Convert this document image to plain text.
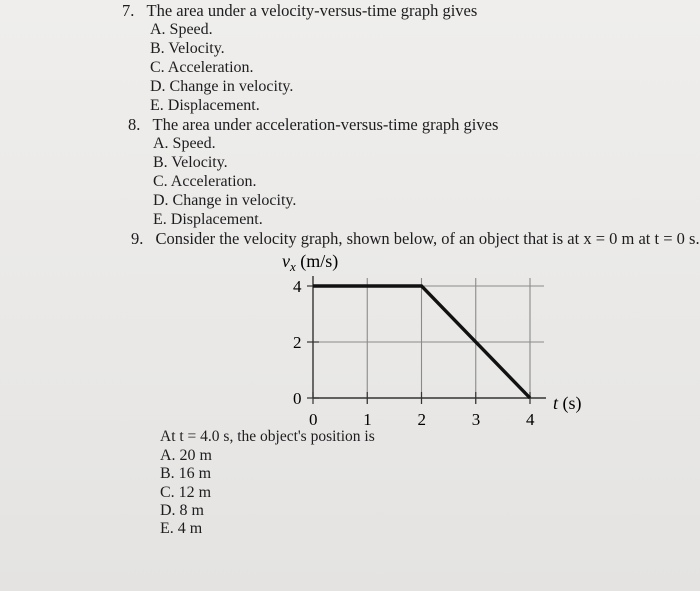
7. The area under a velocity-versus-time graph gives
A. Speed.
B. Velocity.
C. Acceleration.
D. Change in velocity.
E. Displacement.
8. The area under acceleration-versus-time graph gives
A. Speed.
B. Velocity.
C. Acceleration.
D. Change in velocity.
E. Displacement.
9. Consider the velocity graph, shown below, of an object that is at x = 0 m at t = 0 s.
0
2
4
0	1	2	3	4
$v_x$ (m/s)
t (s)
At t = 4.0 s, the object's position is
A. 20 m
B. 16 m
C. 12 m
D. 8 m
E. 4 m
